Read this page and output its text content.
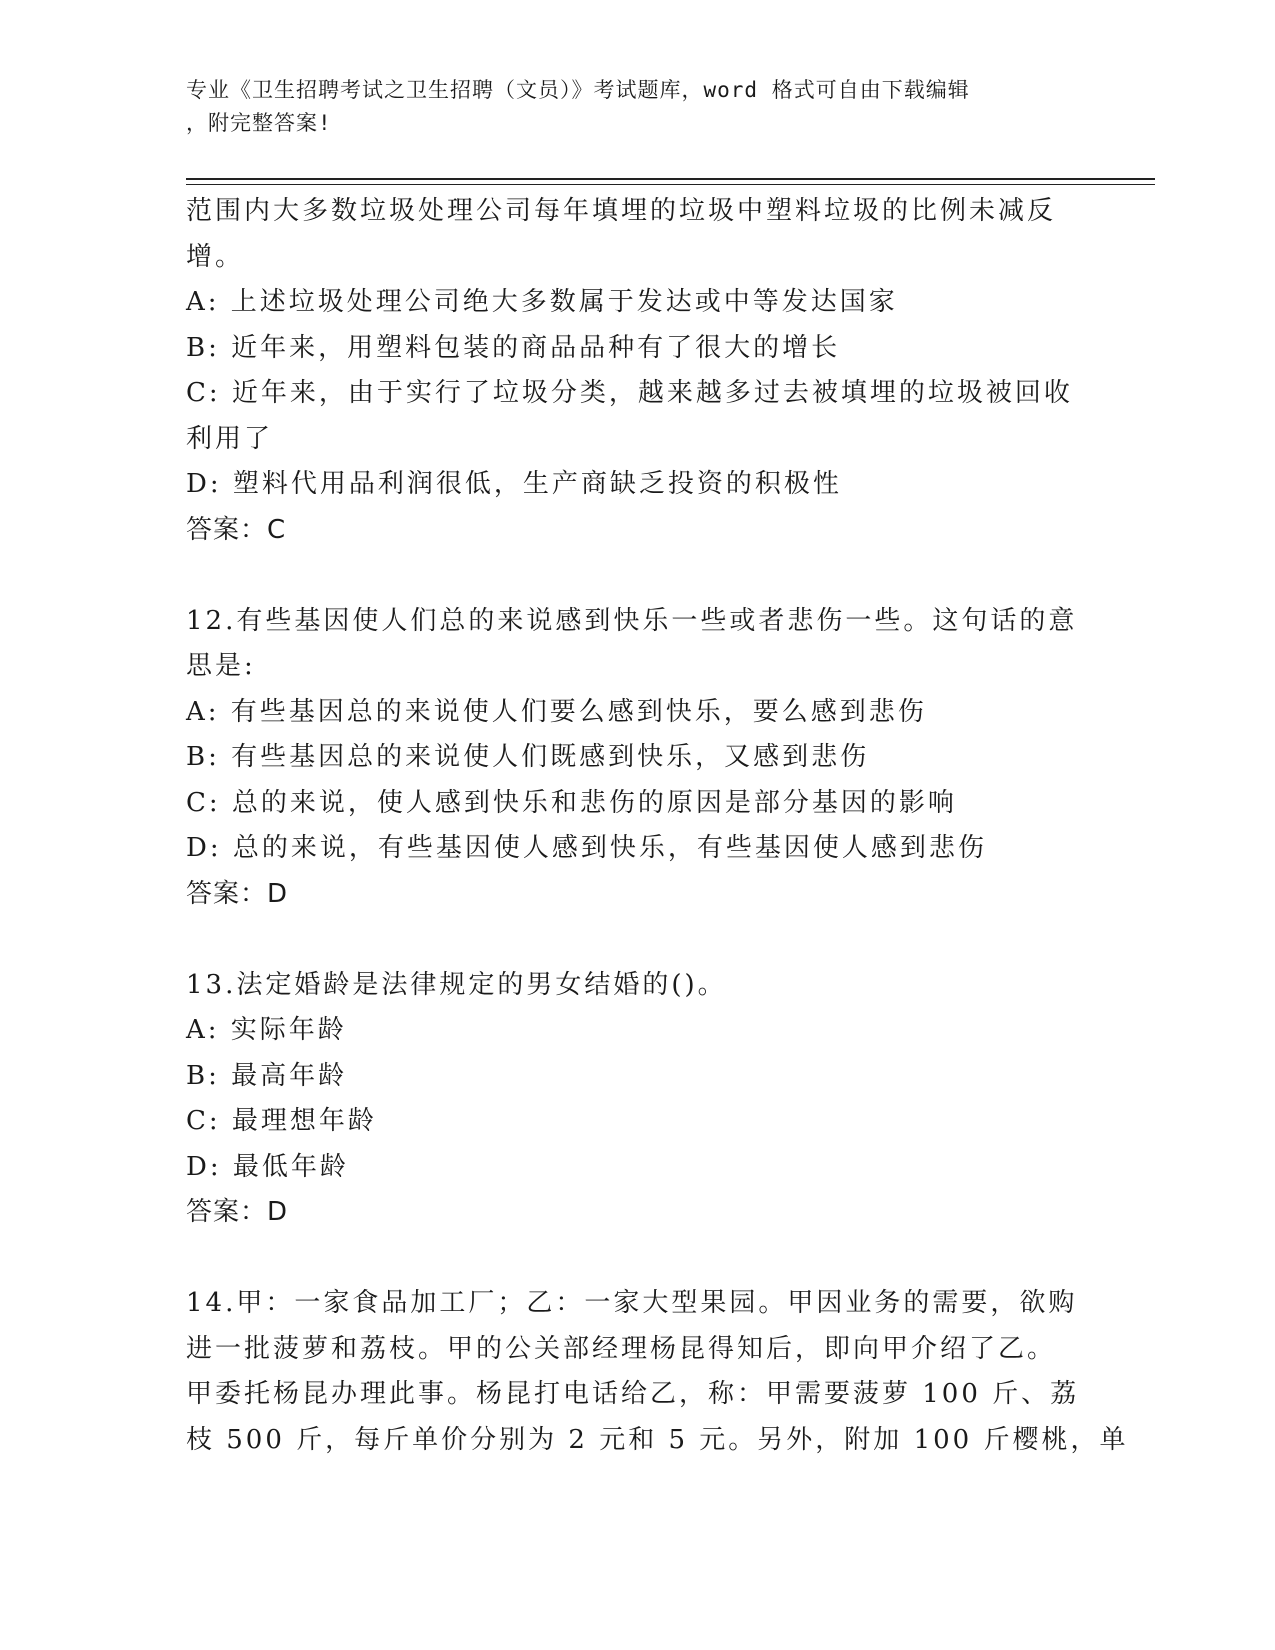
专业《卫生招聘考试之卫生招聘（文员）》考试题库，word 格式可自由下载编辑
，附完整答案!
范围内大多数垃圾处理公司每年填埋的垃圾中塑料垃圾的比例未减反
增。
A: 上述垃圾处理公司绝大多数属于发达或中等发达国家
B: 近年来，用塑料包装的商品品种有了很大的增长
C: 近年来，由于实行了垃圾分类，越来越多过去被填埋的垃圾被回收
利用了
D: 塑料代用品利润很低，生产商缺乏投资的积极性
答案：C
12.有些基因使人们总的来说感到快乐一些或者悲伤一些。这句话的意
思是:
A: 有些基因总的来说使人们要么感到快乐，要么感到悲伤
B: 有些基因总的来说使人们既感到快乐，又感到悲伤
C: 总的来说，使人感到快乐和悲伤的原因是部分基因的影响
D: 总的来说，有些基因使人感到快乐，有些基因使人感到悲伤
答案：D
13.法定婚龄是法律规定的男女结婚的()。
A: 实际年龄
B: 最高年龄
C: 最理想年龄
D: 最低年龄
答案：D
14.甲：一家食品加工厂；乙：一家大型果园。甲因业务的需要，欲购
进一批菠萝和荔枝。甲的公关部经理杨昆得知后，即向甲介绍了乙。
甲委托杨昆办理此事。杨昆打电话给乙，称：甲需要菠萝 100 斤、荔
枝 500 斤，每斤单价分别为 2 元和 5 元。另外，附加 100 斤樱桃，单
